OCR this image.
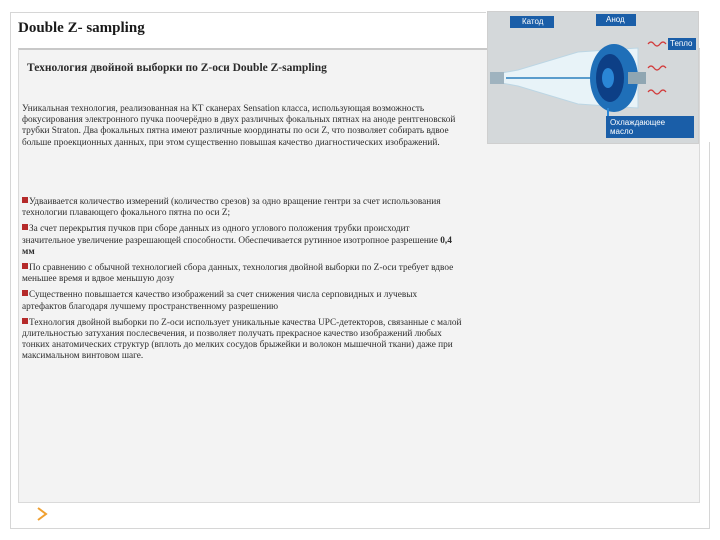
Double Z- sampling
Технология двойной выборки по Z-оси Double Z-sampling
Уникальная технология, реализованная на КТ сканерах Sensation класса, использующая возможность фокусирования электронного пучка поочерёдно в двух различных фокальных пятнах на аноде рентгеновской трубки Straton. Два фокальных пятна имеют различные координаты по оси Z, что позволяет собирать вдвое больше проекционных данных, при этом существенно повышая качество диагностических изображений.
Удваивается количество измерений (количество срезов) за одно вращение гентри за счет использования технологии плавающего фокального пятна по оси Z;
За счет перекрытия пучков при сборе данных из одного углового положения трубки происходит значительное увеличение разрешающей способности. Обеспечивается рутинное изотропное разрешение 0,4 мм
По сравнению с обычной технологией сбора данных, технология двойной выборки по Z-оси требует вдвое меньшее время и вдвое меньшую дозу
Существенно повышается качество изображений за счет снижения числа серповидных и лучевых артефактов благодаря лучшему пространственному разрешению
Технология двойной выборки по Z-оси использует уникальные качества UPC-детекторов, связанные с малой длительностью затухания послесвечения, и позволяет получать прекрасное качество изображений любых тонких анатомических структур (вплоть до мелких сосудов брыжейки и волокон мышечной ткани) даже при максимальном винтовом шаге.
Катод	Анод
Тепло
Охлаждающее масло
